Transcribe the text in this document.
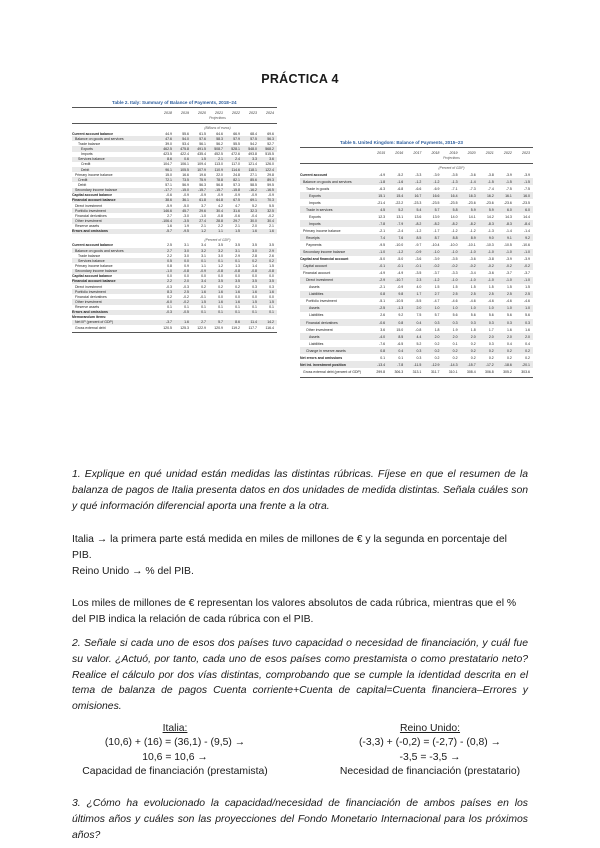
PRÁCTICA 4
Table 2. Italy: Summary of Balance of Payments, 2018–24
2018	2019	2020	2021	2022	2023	2024
Projections
(Billions of euros)
Current account balance	44.9	55.6	61.5	64.6	66.9	68.4	69.6
Balance on goods and services	47.6	54.0	57.6	58.3	57.9	57.5	56.3
Trade balance	39.0	53.4	56.1	56.2	55.5	54.2	52.7
Exports	462.5	475.8	491.5	508.7	528.1	548.0	568.2
Imports	423.5	422.4	435.4	452.5	472.6	493.8	515.5
Services balance	8.6	0.6	1.5	2.1	2.4	3.3	3.6
Credit	104.7	106.1	109.4	113.0	117.0	121.4	126.0
Debit	96.1	105.5	107.9	110.9	114.6	118.1	122.4
Primary income balance	15.0	16.6	19.6	22.0	24.8	27.1	29.8
Credit	72.1	73.5	75.9	78.8	82.1	85.6	89.3
Debit	57.1	56.9	56.3	56.8	57.3	58.5	59.5
Secondary income balance	-17.7	-15.0	-15.7	-15.7	-15.8	-16.2	-16.5
Capital account balance	-0.6	-0.9	-0.9	-0.9	-0.9	-0.9	-0.9
Financial account balance	38.6	36.1	61.8	64.8	67.5	69.1	70.3
Direct investment	-5.9	-5.0	3.7	4.2	4.7	5.2	5.5
Portfolio investment	146.6	45.7	29.6	30.4	31.6	32.3	32.5
Financial derivatives	2.7	-3.0	-1.0	-0.8	-0.6	-0.4	-0.2
Other investment	-106.4	-3.5	27.4	28.8	29.7	30.0	30.4
Reserve assets	1.6	1.9	2.1	2.2	2.1	2.0	2.1
Errors and omissions	-5.7	-9.5	1.2	1.1	1.5	1.6	1.6
(Percent of GDP)
Current account balance	2.5	3.1	3.4	3.5	3.5	3.5	3.5
Balance on goods and services	2.7	3.0	3.2	3.2	3.1	3.0	2.9
Trade balance	2.2	3.0	3.1	3.0	2.9	2.8	2.6
Services balance	0.5	0.0	0.1	0.1	0.1	0.2	0.2
Primary income balance	0.8	0.9	1.1	1.2	1.3	1.4	1.5
Secondary income balance	-1.0	-0.8	-0.9	-0.8	-0.8	-0.8	-0.8
Capital account balance	0.0	0.0	0.0	0.0	0.0	0.0	0.0
Financial account balance	2.2	2.0	3.4	3.5	3.5	3.5	3.5
Direct investment	-0.3	-0.3	0.2	0.2	0.2	0.3	0.3
Portfolio investment	8.3	2.5	1.6	1.6	1.6	1.6	1.6
Financial derivatives	0.2	-0.2	-0.1	0.0	0.0	0.0	0.0
Other investment	-6.0	-0.2	1.5	1.6	1.6	1.5	1.5
Reserve assets	0.1	0.1	0.1	0.1	0.1	0.1	0.1
Errors and omissions	-0.3	-0.5	0.1	0.1	0.1	0.1	0.1
Memorandum items:
Net IIP (percent of GDP)	-3.7	1.6	2.7	5.7	8.6	11.4	14.2
Gross external debt	120.5	125.3	122.9	120.9	119.2	117.7	116.4
Table 5. United Kingdom: Balance of Payments, 2015–23
2015	2016	2017	2018	2019	2020	2021	2022	2023
Projections
(Percent of GDP)
Current account	-4.9	-5.2	-3.3	-3.9	-3.5	-3.6	-3.8	-3.9	-3.9
Balance on goods and services	-1.8	-1.6	-1.2	-1.2	-1.3	-1.4	-1.5	-1.5	-1.5
Trade in goods	-6.3	-6.8	-6.6	-6.9	-7.1	-7.3	-7.4	-7.5	-7.5
Exports	15.1	15.4	16.7	16.6	16.4	16.3	16.2	16.1	16.0
Imports	-21.4	-22.2	-23.3	-23.5	-23.5	-23.6	-23.6	-23.6	-23.5
Trade in services	4.5	5.2	5.4	5.7	5.8	5.9	5.9	6.0	6.0
Exports	12.3	13.1	13.6	13.9	14.0	14.1	14.2	14.3	14.4
Imports	-7.8	-7.9	-8.2	-8.2	-8.2	-8.2	-8.3	-8.3	-8.4
Primary income balance	-2.1	-2.4	-1.2	-1.7	-1.2	-1.2	-1.3	-1.4	-1.4
Receipts	7.4	7.6	8.5	8.7	8.8	8.9	9.0	9.1	9.2
Payments	-9.5	-10.0	-9.7	-10.4	-10.0	-10.1	-10.3	-10.5	-10.6
Secondary income balance	-1.0	-1.2	-0.9	-1.0	-1.0	-1.0	-1.0	-1.0	-1.0
Capital and financial account	-5.0	-5.0	-3.6	-3.9	-3.5	-3.6	-3.8	-3.9	-3.9
Capital account	-0.1	-0.1	-0.1	-0.2	-0.2	-0.2	-0.2	-0.2	-0.2
Financial account	-4.9	-4.9	-3.5	-3.7	-3.3	-3.4	-3.6	-3.7	-3.7
Direct investment	-2.9	-10.7	2.3	-1.2	-1.0	-1.0	-1.0	-1.0	-1.0
Assets	-2.1	-0.9	4.0	1.5	1.5	1.5	1.5	1.5	1.5
Liabilities	0.8	9.8	1.7	2.7	2.5	2.5	2.5	2.5	2.5
Portfolio investment	-5.1	-10.5	-5.5	-4.7	-4.6	-4.6	-4.6	-4.6	-4.6
Assets	-2.5	-1.3	2.0	1.0	1.0	1.0	1.0	1.0	1.0
Liabilities	2.6	9.2	7.5	5.7	5.6	5.6	5.6	5.6	5.6
Financial derivatives	-0.6	0.8	0.4	0.3	0.3	0.3	0.3	0.3	0.3
Other investment	3.6	15.0	-0.8	1.8	1.9	1.8	1.7	1.6	1.6
Assets	-4.0	8.5	4.4	2.0	2.0	2.0	2.0	2.0	2.0
Liabilities	-7.6	-6.5	5.2	0.2	0.1	0.2	0.3	0.4	0.4
Change in reserve assets	0.8	0.4	0.3	0.2	0.2	0.2	0.2	0.2	0.2
Net errors and omissions	0.1	0.1	0.3	0.2	0.2	0.2	0.2	0.2	0.2
Net int. investment position	-13.4	-7.8	-11.5	-12.9	-14.3	-15.7	-17.2	-18.6	-20.1
Gross external debt (percent of GDP)	299.8	306.3	313.1	311.7	310.1	308.4	306.8	305.2	303.6
1. Explique en qué unidad están medidas las distintas rúbricas. Fíjese en que el resumen de la balanza de pagos de Italia presenta datos en dos unidades de medida distintas. Señala cuáles son y qué información diferencial aporta una frente a la otra.

Italia → la primera parte está medida en miles de millones de € y la segunda en porcentaje del PIB.

Reino Unido → % del PIB.

Los miles de millones de € representan los valores absolutos de cada rúbrica, mientras que el % del PIB indica la relación de cada rúbrica con el PIB.
2. Señale si cada uno de esos dos países tuvo capacidad o necesidad de financiación, y cuál fue su valor. ¿Actuó, por tanto, cada uno de esos países como prestamista o como prestatario neto? Realice el cálculo por dos vías distintas, comprobando que se cumple la identidad descrita en el tema de balanza de pagos Cuenta corriente+Cuenta de capital=Cuenta financiera–Errores y omisiones.
Italia:
(10,6) + (16) = (36,1) - (9,5) →
10,6 = 10,6 →
Capacidad de financiación (prestamista)
Reino Unido:
(-3,3) + (-0,2) = (-2,7) - (0,8) →
-3,5 = -3,5 →
Necesidad de financiación (prestatario)
3. ¿Cómo ha evolucionado la capacidad/necesidad de financiación de ambos países en los últimos años y cuáles son las proyecciones del Fondo Monetario Internacional para los próximos años?
